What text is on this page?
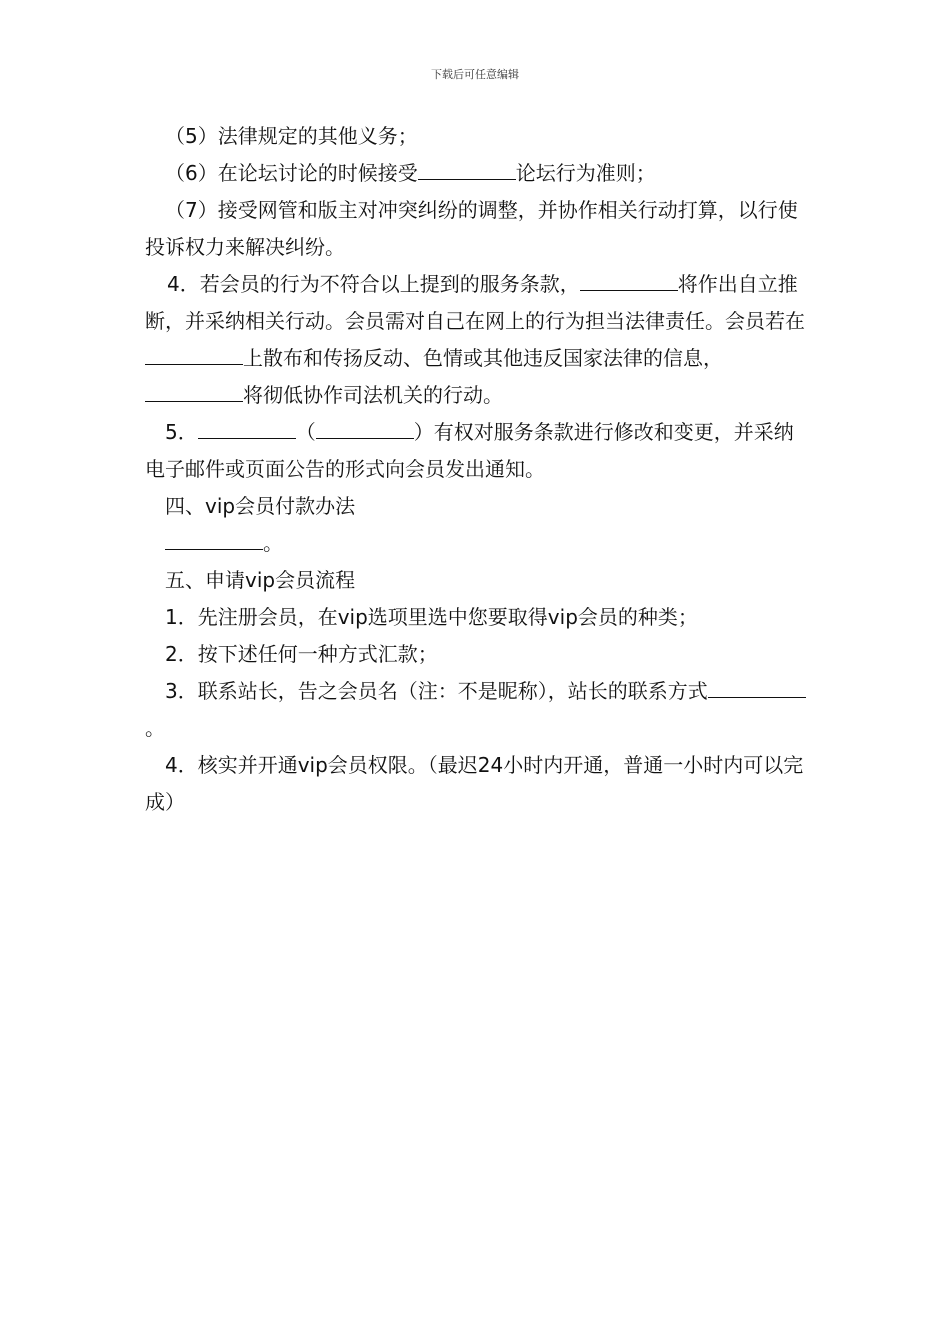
下载后可任意编辑

（5）法律规定的其他义务；

（6）在论坛讨论的时候接受	论坛行为准则；

（7）接受网管和版主对冲突纠纷的调整，并协作相关行动打算，以行使投诉权力来解决纠纷。

4．若会员的行为不符合以上提到的服务条款，	将作出自立推断，并采纳相关行动。会员需对自己在网上的行为担当法律责任。会员若在上散布和传扬反动、色情或其他违反国家法律的信息，将彻低协作司法机关的行动。

5．	（	）有权对服务条款进行修改和变更，并采纳电子邮件或页面公告的形式向会员发出通知。

四、vip会员付款办法

。

五、申请vip会员流程

1．先注册会员，在vip选项里选中您要取得vip会员的种类；

2．按下述任何一种方式汇款；

3．联系站长，告之会员名（注：不是昵称），站长的联系方式。

4．核实并开通vip会员权限。（最迟24小时内开通，普通一小时内可以完成）
